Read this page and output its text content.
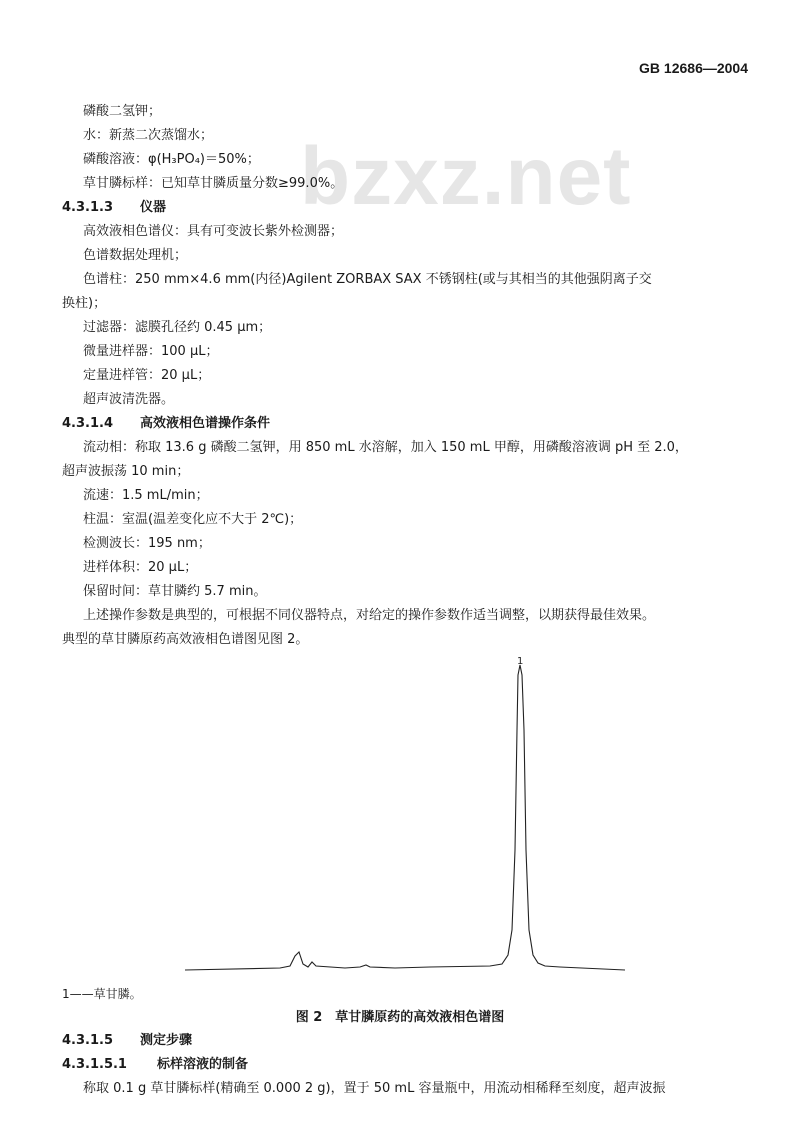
GB 12686—2004
bzxz.net
磷酸二氢钾；
水：新蒸二次蒸馏水；
磷酸溶液：φ(H₃PO₄)＝50%；
草甘膦标样：已知草甘膦质量分数≥99.0%。
4.3.1.3 仪器
高效液相色谱仪：具有可变波长紫外检测器；
色谱数据处理机；
色谱柱：250 mm×4.6 mm(内径)Agilent ZORBAX SAX 不锈钢柱(或与其相当的其他强阴离子交
换柱)；
过滤器：滤膜孔径约 0.45 μm；
微量进样器：100 μL；
定量进样管：20 μL；
超声波清洗器。
4.3.1.4 高效液相色谱操作条件
流动相：称取 13.6 g 磷酸二氢钾，用 850 mL 水溶解，加入 150 mL 甲醇，用磷酸溶液调 pH 至 2.0，
超声波振荡 10 min；
流速：1.5 mL/min；
柱温：室温(温差变化应不大于 2℃)；
检测波长：195 nm；
进样体积：20 μL；
保留时间：草甘膦约 5.7 min。
上述操作参数是典型的，可根据不同仪器特点，对给定的操作参数作适当调整，以期获得最佳效果。
典型的草甘膦原药高效液相色谱图见图 2。
1
1——草甘膦。
图 2　草甘膦原药的高效液相色谱图
4.3.1.5 测定步骤
4.3.1.5.1 标样溶液的制备
称取 0.1 g 草甘膦标样(精确至 0.000 2 g)，置于 50 mL 容量瓶中，用流动相稀释至刻度，超声波振
